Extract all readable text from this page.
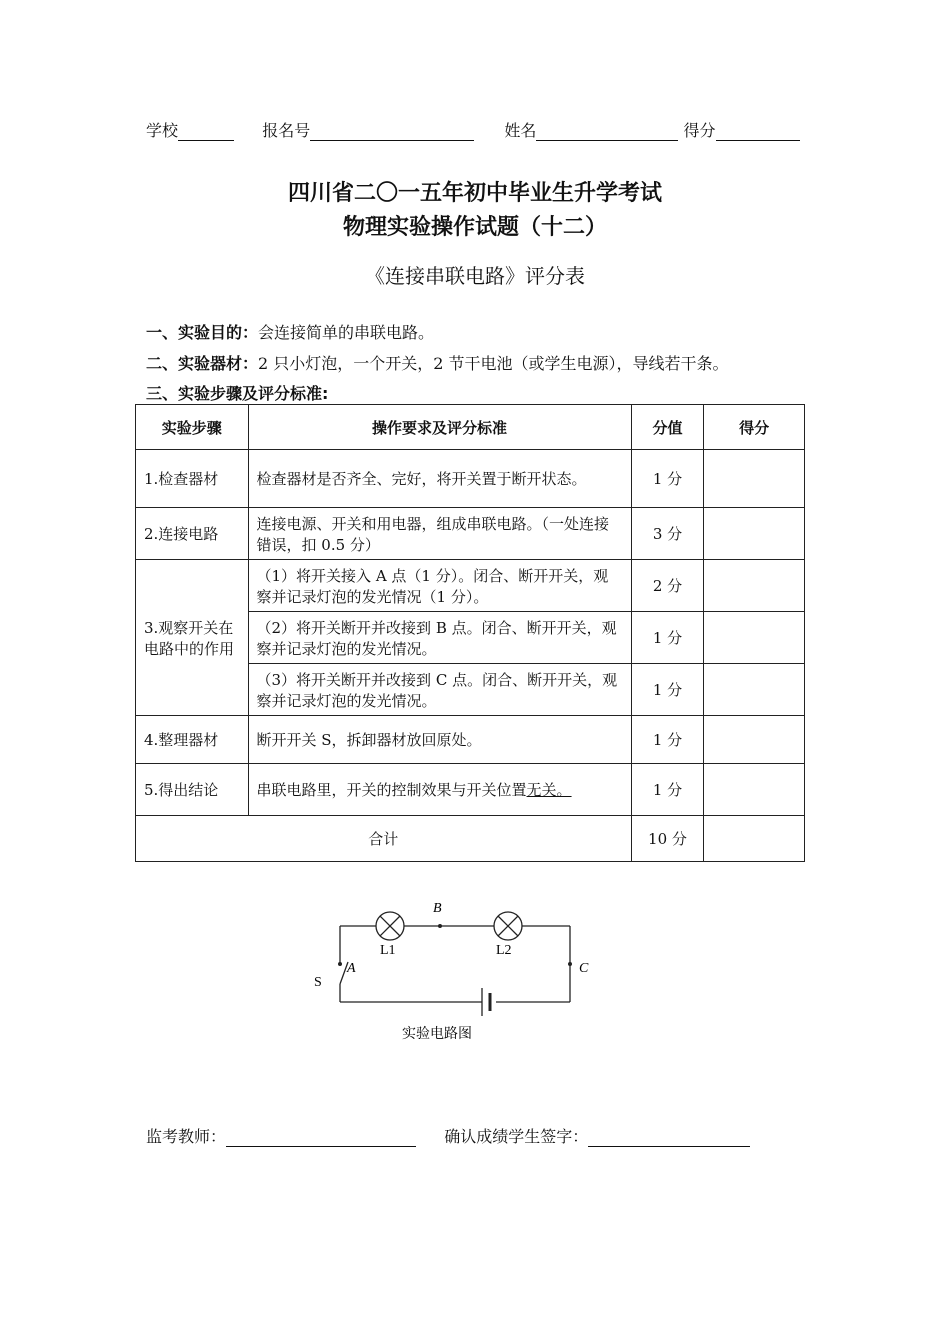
学校	报名号	姓名	得分
四川省二〇一五年初中毕业生升学考试
物理实验操作试题（十二）
《连接串联电路》评分表
一、实验目的：会连接简单的串联电路。
二、实验器材：2 只小灯泡，一个开关，2 节干电池（或学生电源），导线若干条。
三、实验步骤及评分标准:
实验步骤	操作要求及评分标准	分值	得分
1.检查器材	检查器材是否齐全、完好，将开关置于断开状态。	1 分	
2.连接电路	连接电源、开关和用电器，组成串联电路。（一处连接错误，扣 0.5 分）	3 分	
3.观察开关在电路中的作用	（1）将开关接入 A 点（1 分）。闭合、断开开关，观察并记录灯泡的发光情况（1 分）。	2 分	
	（2）将开关断开并改接到 B 点。闭合、断开开关，观察并记录灯泡的发光情况。	1 分	
	（3）将开关断开并改接到 C 点。闭合、断开开关，观察并记录灯泡的发光情况。	1 分	
4.整理器材	断开开关 S，拆卸器材放回原处。	1 分	
5.得出结论	串联电路里，开关的控制效果与开关位置无关。	1 分	
合计		10 分	
B
L1	L2
A
S
C
实验电路图
监考教师：	确认成绩学生签字：
